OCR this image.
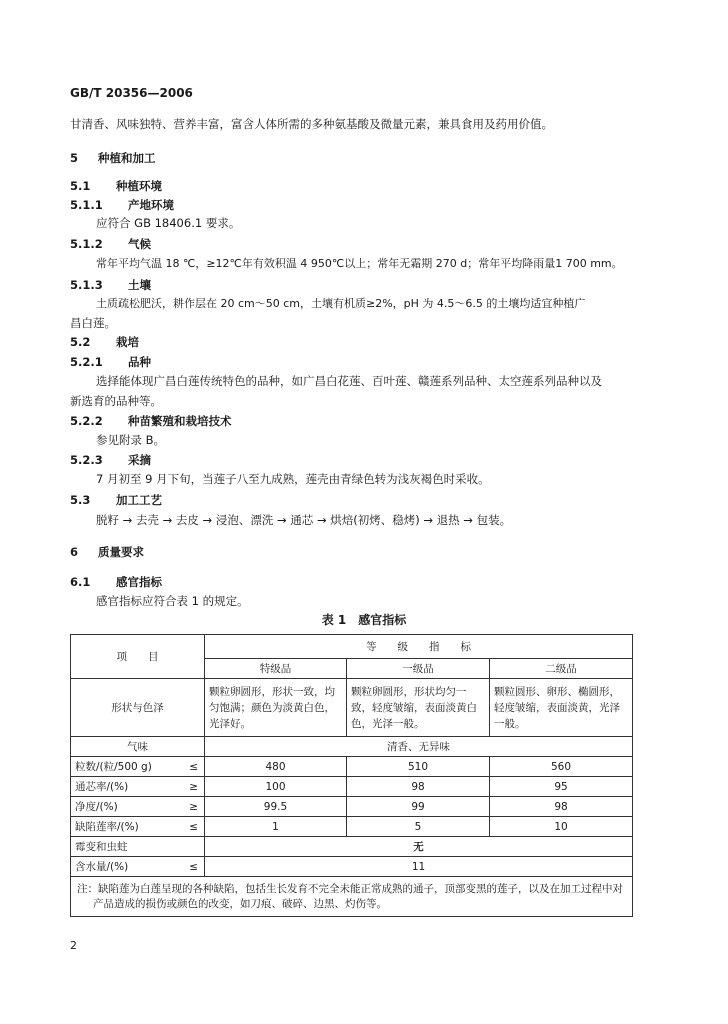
GB/T 20356—2006
甘清香、风味独特、营养丰富，富含人体所需的多种氨基酸及微量元素，兼具食用及药用价值。
5 种植和加工
5.1 种植环境
5.1.1 产地环境
应符合 GB 18406.1 要求。
5.1.2 气候
常年平均气温 18 ℃，≥12℃年有效积温 4 950℃以上；常年无霜期 270 d；常年平均降雨量1 700 mm。
5.1.3 土壤
土质疏松肥沃，耕作层在 20 cm～50 cm，土壤有机质≥2%，pH 为 4.5～6.5 的土壤均适宜种植广
昌白莲。
5.2 栽培
5.2.1 品种
选择能体现广昌白莲传统特色的品种，如广昌白花莲、百叶莲、赣莲系列品种、太空莲系列品种以及
新选育的品种等。
5.2.2 种苗繁殖和栽培技术
参见附录 B。
5.2.3 采摘
7 月初至 9 月下旬，当莲子八至九成熟，莲壳由青绿色转为浅灰褐色时采收。
5.3 加工工艺
脱籽 → 去壳 → 去皮 → 浸泡、漂洗 → 通芯 → 烘焙(初烤、稳烤) → 退热 → 包装。
6 质量要求
6.1 感官指标
感官指标应符合表 1 的规定。
表 1　感官指标
项　　目		等　　级　　指　　标		
		特级品	一级品	二级品
形状与色泽		颗粒卵圆形，形状一致，均匀饱满；颜色为淡黄白色，光泽好。	颗粒卵圆形，形状均匀一致，轻度皱缩，表面淡黄白色，光泽一般。	颗粒圆形、卵形、椭圆形，轻度皱缩，表面淡黄，光泽一般。
气味		清香、无异味		
粒数/(粒/500 g)	≤	480	510	560
通芯率/(%)	≥	100	98	95
净度/(%)	≥	99.5	99	98
缺陷莲率/(%)	≤	1	5	10
霉变和虫蛀		无		
含水量/(%)	≤	11		
注：缺陷莲为白莲呈现的各种缺陷，包括生长发育不完全未能正常成熟的通子，顶部变黑的莲子，以及在加工过程中对产品造成的损伤或颜色的改变，如刀痕、破碎、边黑、灼伤等。				
2
